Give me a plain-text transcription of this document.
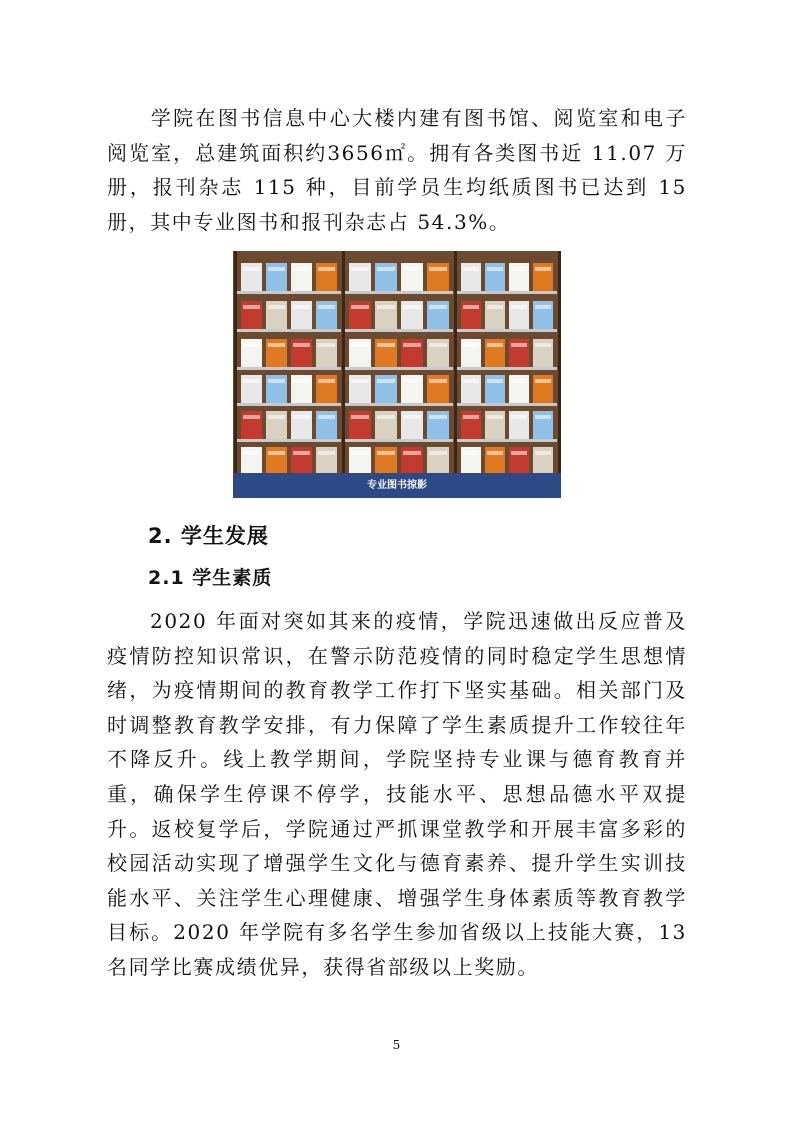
学院在图书信息中心大楼内建有图书馆、阅览室和电子阅览室，总建筑面积约3656㎡。拥有各类图书近 11.07 万册，报刊杂志 115 种，目前学员生均纸质图书已达到 15 册，其中专业图书和报刊杂志占 54.3%。

专业图书掠影
2. 学生发展
2.1 学生素质

2020 年面对突如其来的疫情，学院迅速做出反应普及疫情防控知识常识，在警示防范疫情的同时稳定学生思想情绪，为疫情期间的教育教学工作打下坚实基础。相关部门及时调整教育教学安排，有力保障了学生素质提升工作较往年不降反升。线上教学期间，学院坚持专业课与德育教育并重，确保学生停课不停学，技能水平、思想品德水平双提升。返校复学后，学院通过严抓课堂教学和开展丰富多彩的校园活动实现了增强学生文化与德育素养、提升学生实训技能水平、关注学生心理健康、增强学生身体素质等教育教学目标。2020 年学院有多名学生参加省级以上技能大赛，13 名同学比赛成绩优异，获得省部级以上奖励。

5
